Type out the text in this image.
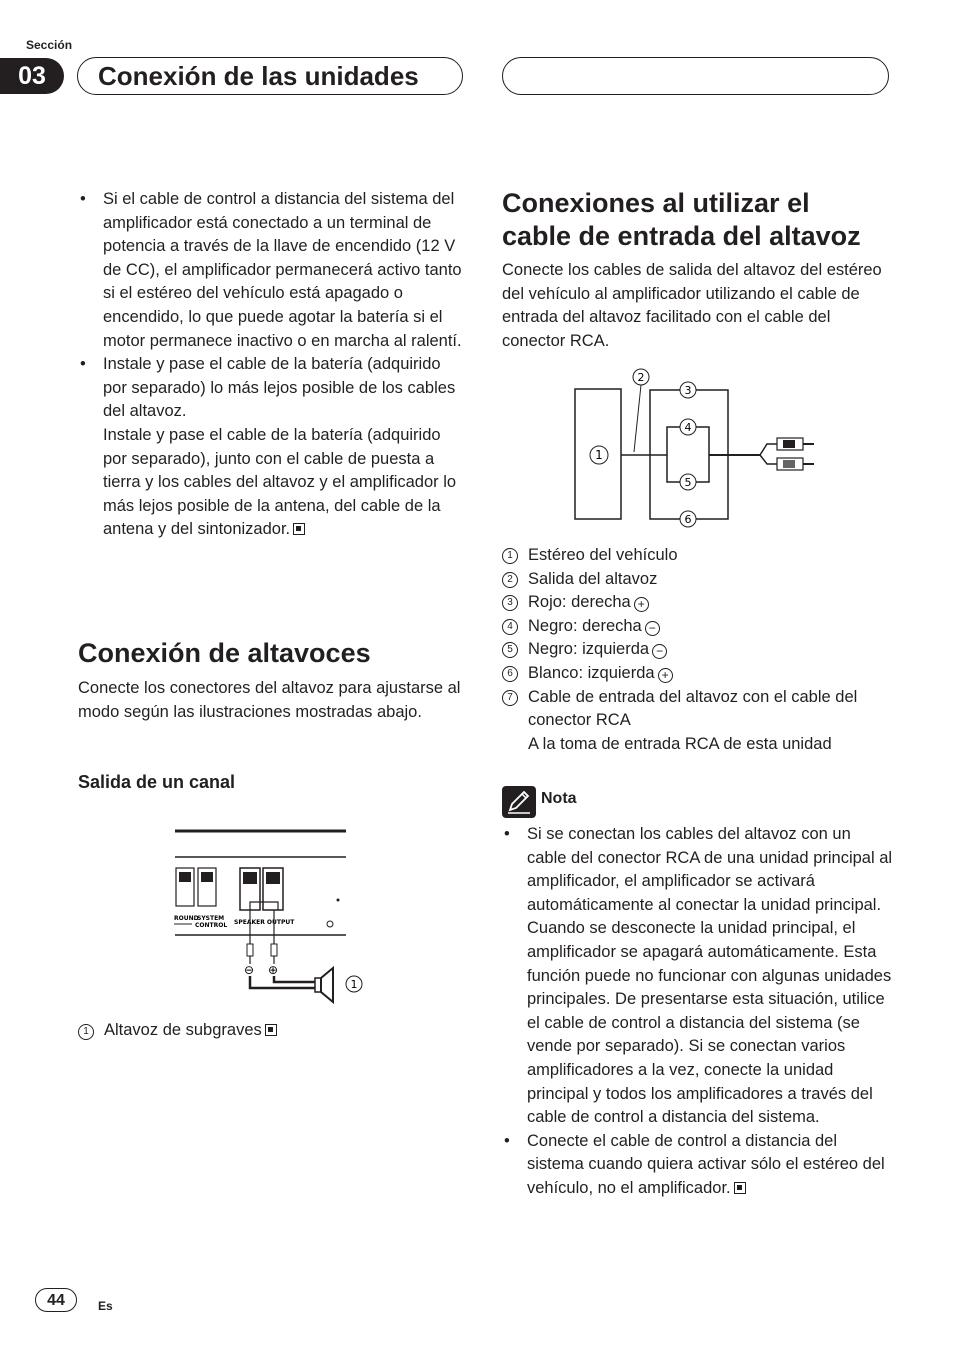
Sección
03	Conexión de las unidades
• Si el cable de control a distancia del sistema del amplificador está conectado a un terminal de potencia a través de la llave de encendido (12 V de CC), el amplificador permanecerá activo tanto si el estéreo del vehículo está apagado o encendido, lo que puede agotar la batería si el motor permanece inactivo o en marcha al ralentí.
• Instale y pase el cable de la batería (adquirido por separado) lo más lejos posible de los cables del altavoz.
Instale y pase el cable de la batería (adquirido por separado), junto con el cable de puesta a tierra y los cables del altavoz y el amplificador lo más lejos posible de la antena, del cable de la antena y del sintonizador.
Conexión de altavoces
Conecte los conectores del altavoz para ajustarse al modo según las ilustraciones mostradas abajo.
Salida de un canal
ROUND
SYSTEM
CONTROL SPEAKER OUTPUT
⊖ ⊕
1
1 Altavoz de subgraves
Conexiones al utilizar el
cable de entrada del altavoz
Conecte los cables de salida del altavoz del estéreo del vehículo al amplificador utilizando el cable de entrada del altavoz facilitado con el cable del conector RCA.
1
2
3
4
5
6
1 Estéreo del vehículo
2 Salida del altavoz
3 Rojo: derecha +
4 Negro: derecha −
5 Negro: izquierda −
6 Blanco: izquierda +
7 Cable de entrada del altavoz con el cable del conector RCA
A la toma de entrada RCA de esta unidad
Nota
• Si se conectan los cables del altavoz con un cable del conector RCA de una unidad principal al amplificador, el amplificador se activará automáticamente al conectar la unidad principal. Cuando se desconecte la unidad principal, el amplificador se apagará automáticamente. Esta función puede no funcionar con algunas unidades principales. De presentarse esta situación, utilice el cable de control a distancia del sistema (se vende por separado). Si se conectan varios amplificadores a la vez, conecte la unidad principal y todos los amplificadores a través del cable de control a distancia del sistema.
• Conecte el cable de control a distancia del sistema cuando quiera activar sólo el estéreo del vehículo, no el amplificador.
44	Es
